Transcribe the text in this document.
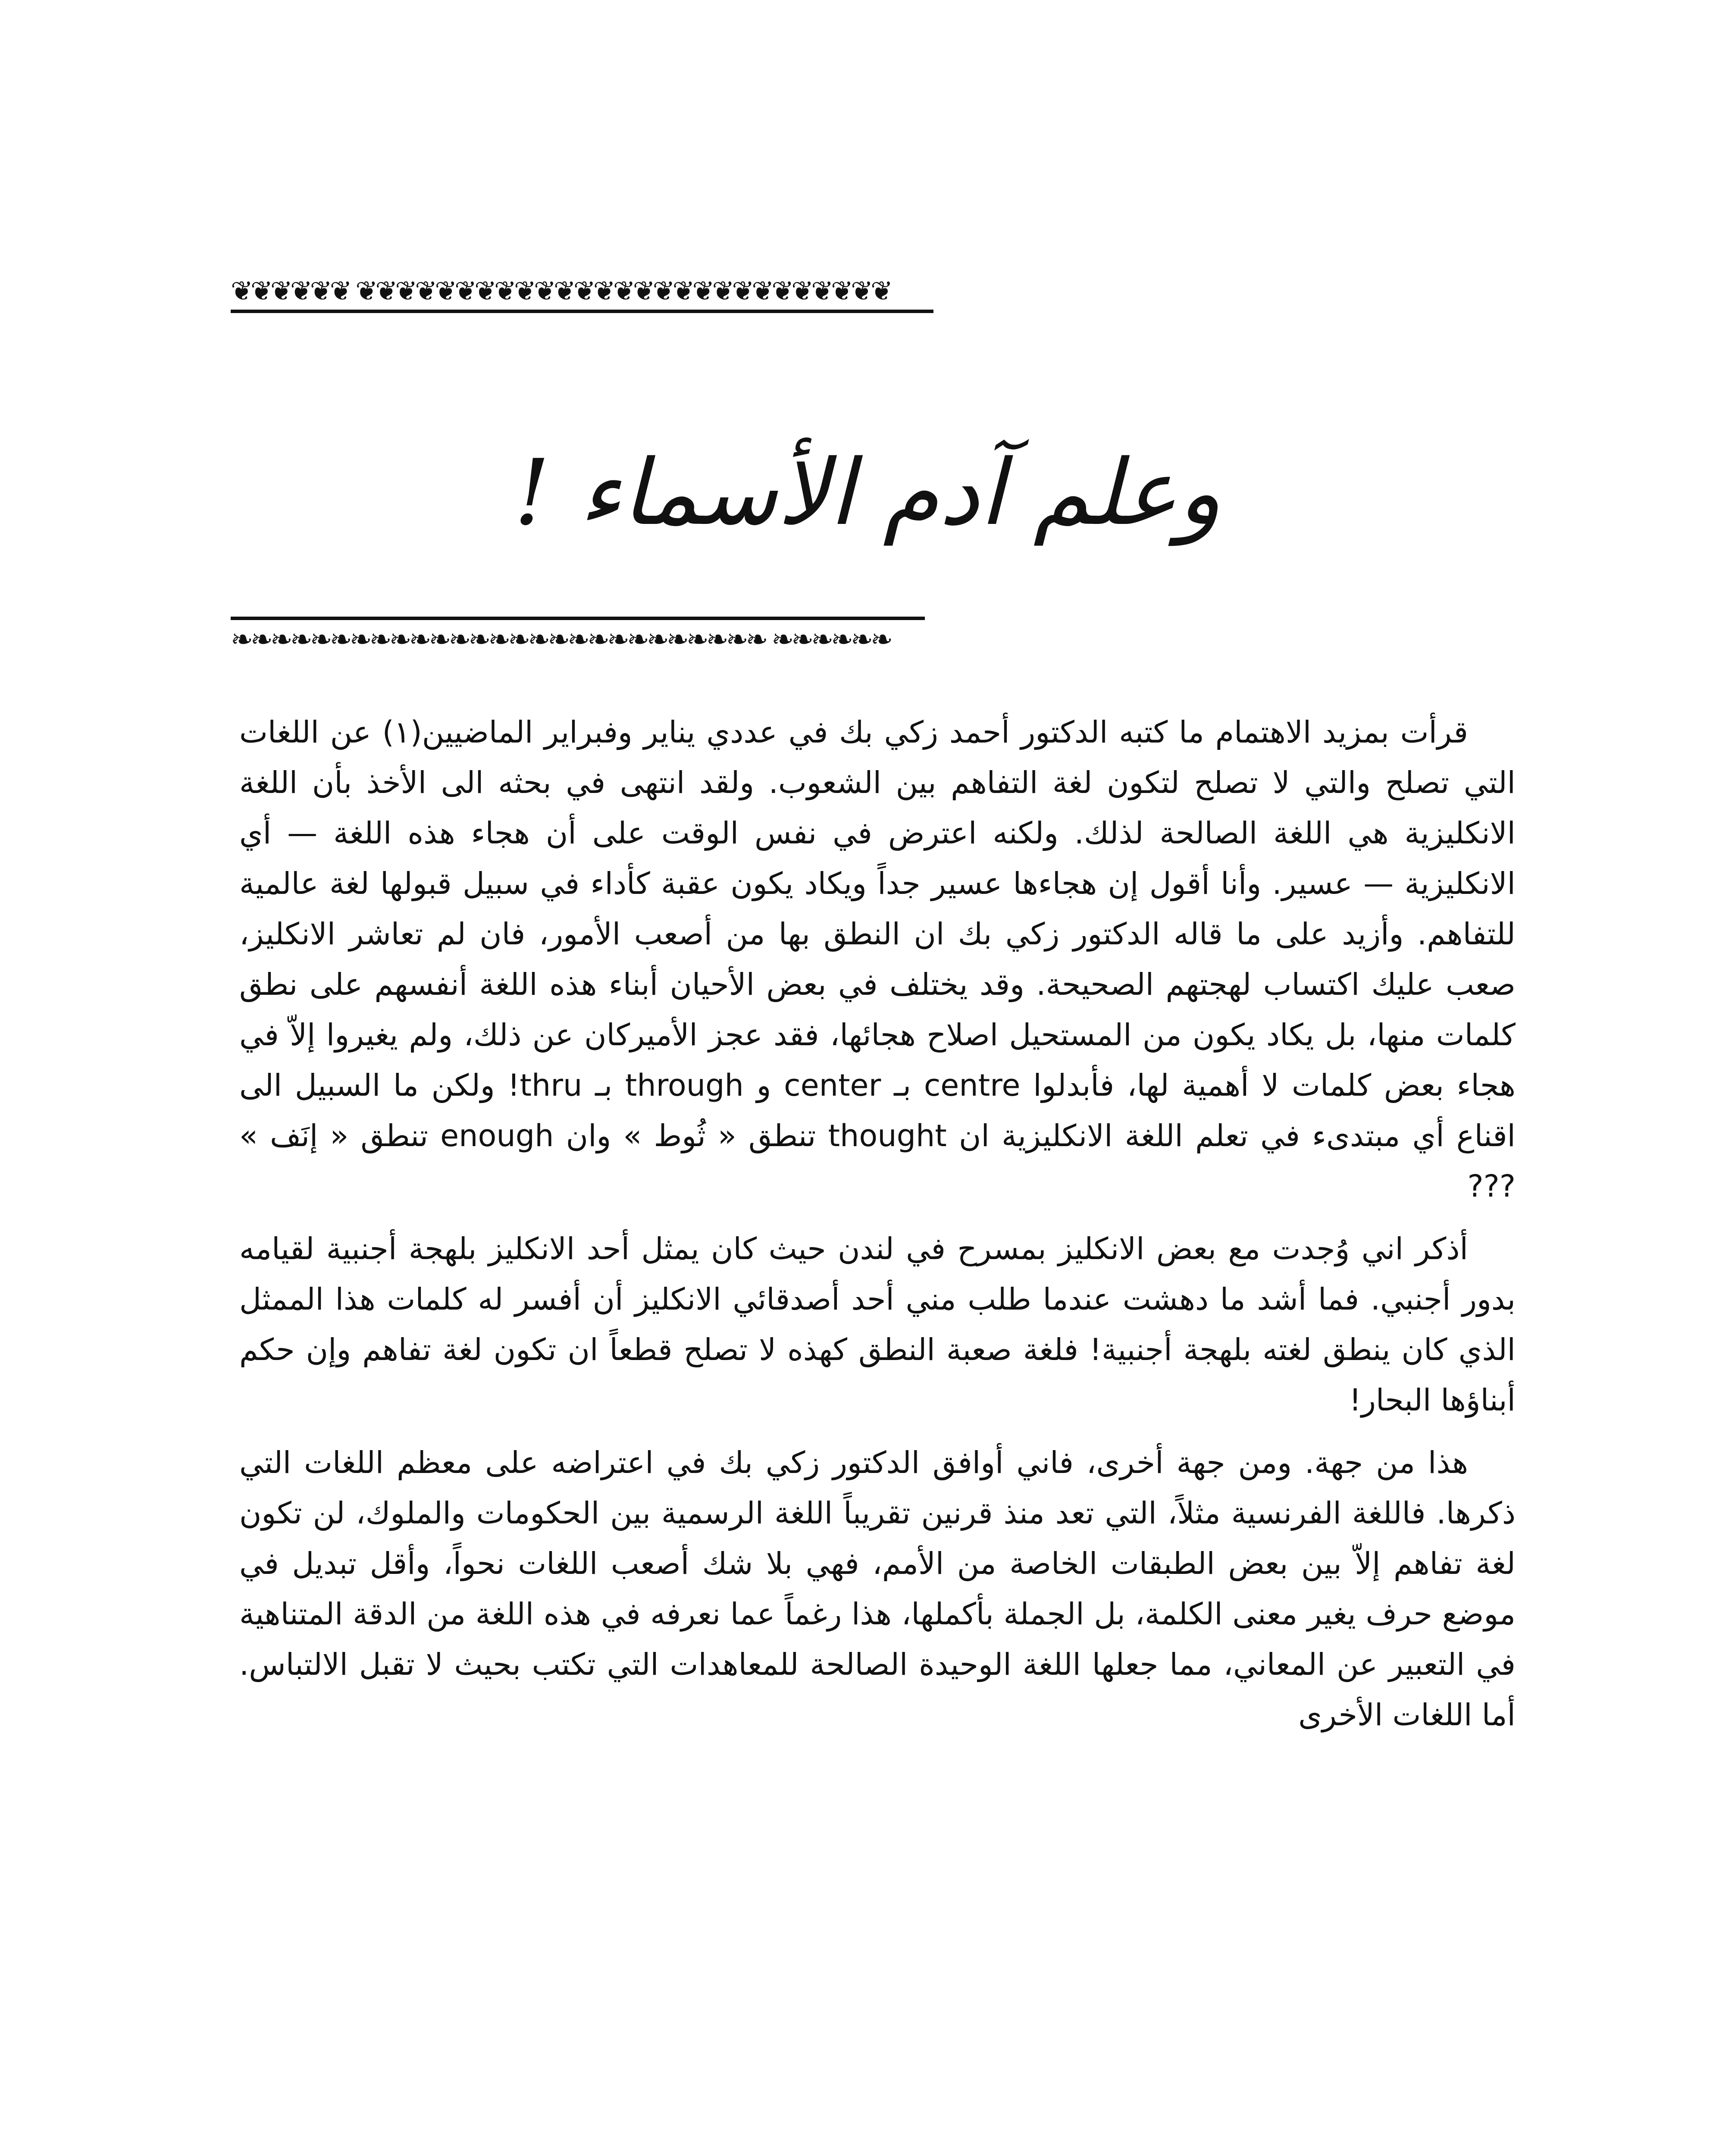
❦❦❦❦❦❦ ❦❦❦❦❦❦❦❦❦❦❦❦❦❦❦❦❦❦❦❦❦❦❦❦❦❦❦
وعلم آدم الأسماء !
❧❧❧❧❧❧❧❧❧❧❧❧❧❧❧❧❧❧❧❧❧❧❧❧❧❧❧ ❧❧❧❧❧❧

قرأت بمزيد الاهتمام ما كتبه الدكتور أحمد زكي بك في عددي يناير وفبراير الماضيين(١) عن اللغات التي تصلح والتي لا تصلح لتكون لغة التفاهم بين الشعوب. ولقد انتهى في بحثه الى الأخذ بأن اللغة الانكليزية هي اللغة الصالحة لذلك. ولكنه اعترض في نفس الوقت على أن هجاء هذه اللغة — أي الانكليزية — عسير. وأنا أقول إن هجاءها عسير جداً ويكاد يكون عقبة كأداء في سبيل قبولها لغة عالمية للتفاهم. وأزيد على ما قاله الدكتور زكي بك ان النطق بها من أصعب الأمور، فان لم تعاشر الانكليز، صعب عليك اكتساب لهجتهم الصحيحة. وقد يختلف في بعض الأحيان أبناء هذه اللغة أنفسهم على نطق كلمات منها، بل يكاد يكون من المستحيل اصلاح هجائها، فقد عجز الأميركان عن ذلك، ولم يغيروا إلاّ في هجاء بعض كلمات لا أهمية لها، فأبدلوا centre بـ center و through بـ thru! ولكن ما السبيل الى اقناع أي مبتدىء في تعلم اللغة الانكليزية ان thought تنطق « ثُوط » وان enough تنطق « إنَف » ???

أذكر اني وُجدت مع بعض الانكليز بمسرح في لندن حيث كان يمثل أحد الانكليز بلهجة أجنبية لقيامه بدور أجنبي. فما أشد ما دهشت عندما طلب مني أحد أصدقائي الانكليز أن أفسر له كلمات هذا الممثل الذي كان ينطق لغته بلهجة أجنبية! فلغة صعبة النطق كهذه لا تصلح قطعاً ان تكون لغة تفاهم وإن حكم أبناؤها البحار!

هذا من جهة. ومن جهة أخرى، فاني أوافق الدكتور زكي بك في اعتراضه على معظم اللغات التي ذكرها. فاللغة الفرنسية مثلاً، التي تعد منذ قرنين تقريباً اللغة الرسمية بين الحكومات والملوك، لن تكون لغة تفاهم إلاّ بين بعض الطبقات الخاصة من الأمم، فهي بلا شك أصعب اللغات نحواً، وأقل تبديل في موضع حرف يغير معنى الكلمة، بل الجملة بأكملها، هذا رغماً عما نعرفه في هذه اللغة من الدقة المتناهية في التعبير عن المعاني، مما جعلها اللغة الوحيدة الصالحة للمعاهدات التي تكتب بحيث لا تقبل الالتباس. أما اللغات الأخرى
